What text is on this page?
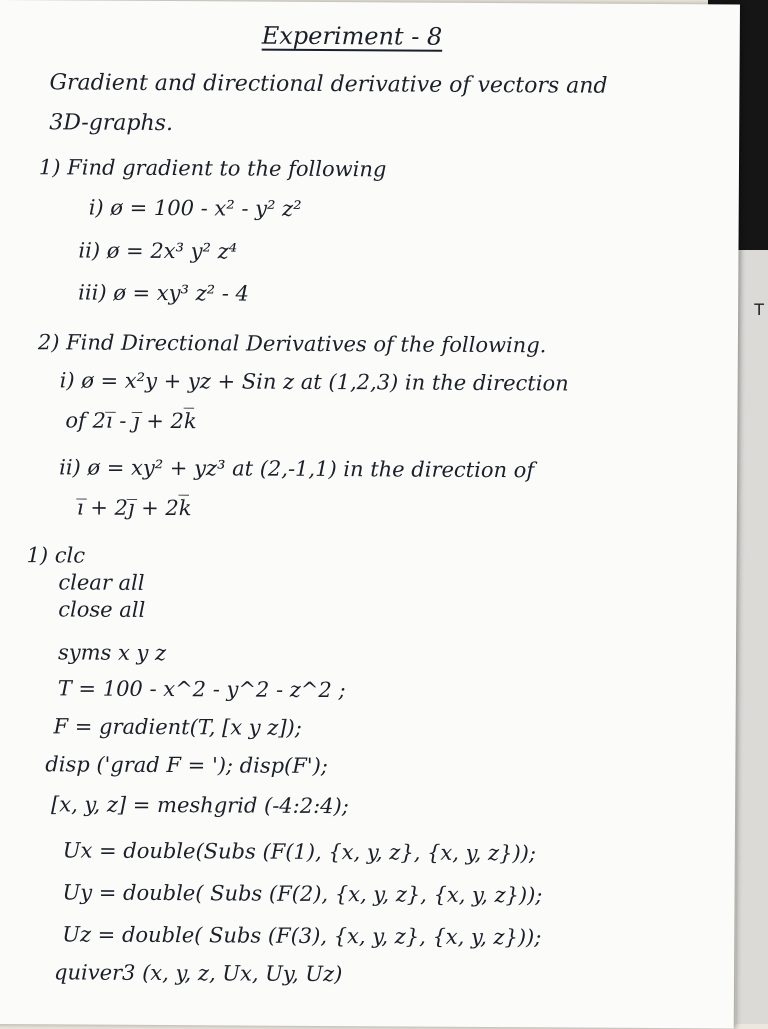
T
Experiment - 8
Gradient and directional derivative of vectors and
3D-graphs.
1) Find gradient to the following
i) ø = 100 - x² - y² z²
ii) ø = 2x³ y² z⁴
iii) ø = xy³ z² - 4
2) Find Directional Derivatives of the following.
i) ø = x²y + yz + Sin z at (1,2,3) in the direction
of 2i̅ - j̅ + 2k̅
ii) ø = xy² + yz³ at (2,-1,1) in the direction of
i̅ + 2j̅ + 2k̅
1) clc
clear all
close all
syms x y z
T = 100 - x^2 - y^2 - z^2 ;
F = gradient(T, [x y z]);
disp ('grad F = '); disp(F');
[x, y, z] = meshgrid (-4:2:4);
Ux = double(Subs (F(1), {x, y, z}, {x, y, z}));
Uy = double( Subs (F(2), {x, y, z}, {x, y, z}));
Uz = double( Subs (F(3), {x, y, z}, {x, y, z}));
quiver3 (x, y, z, Ux, Uy, Uz)
